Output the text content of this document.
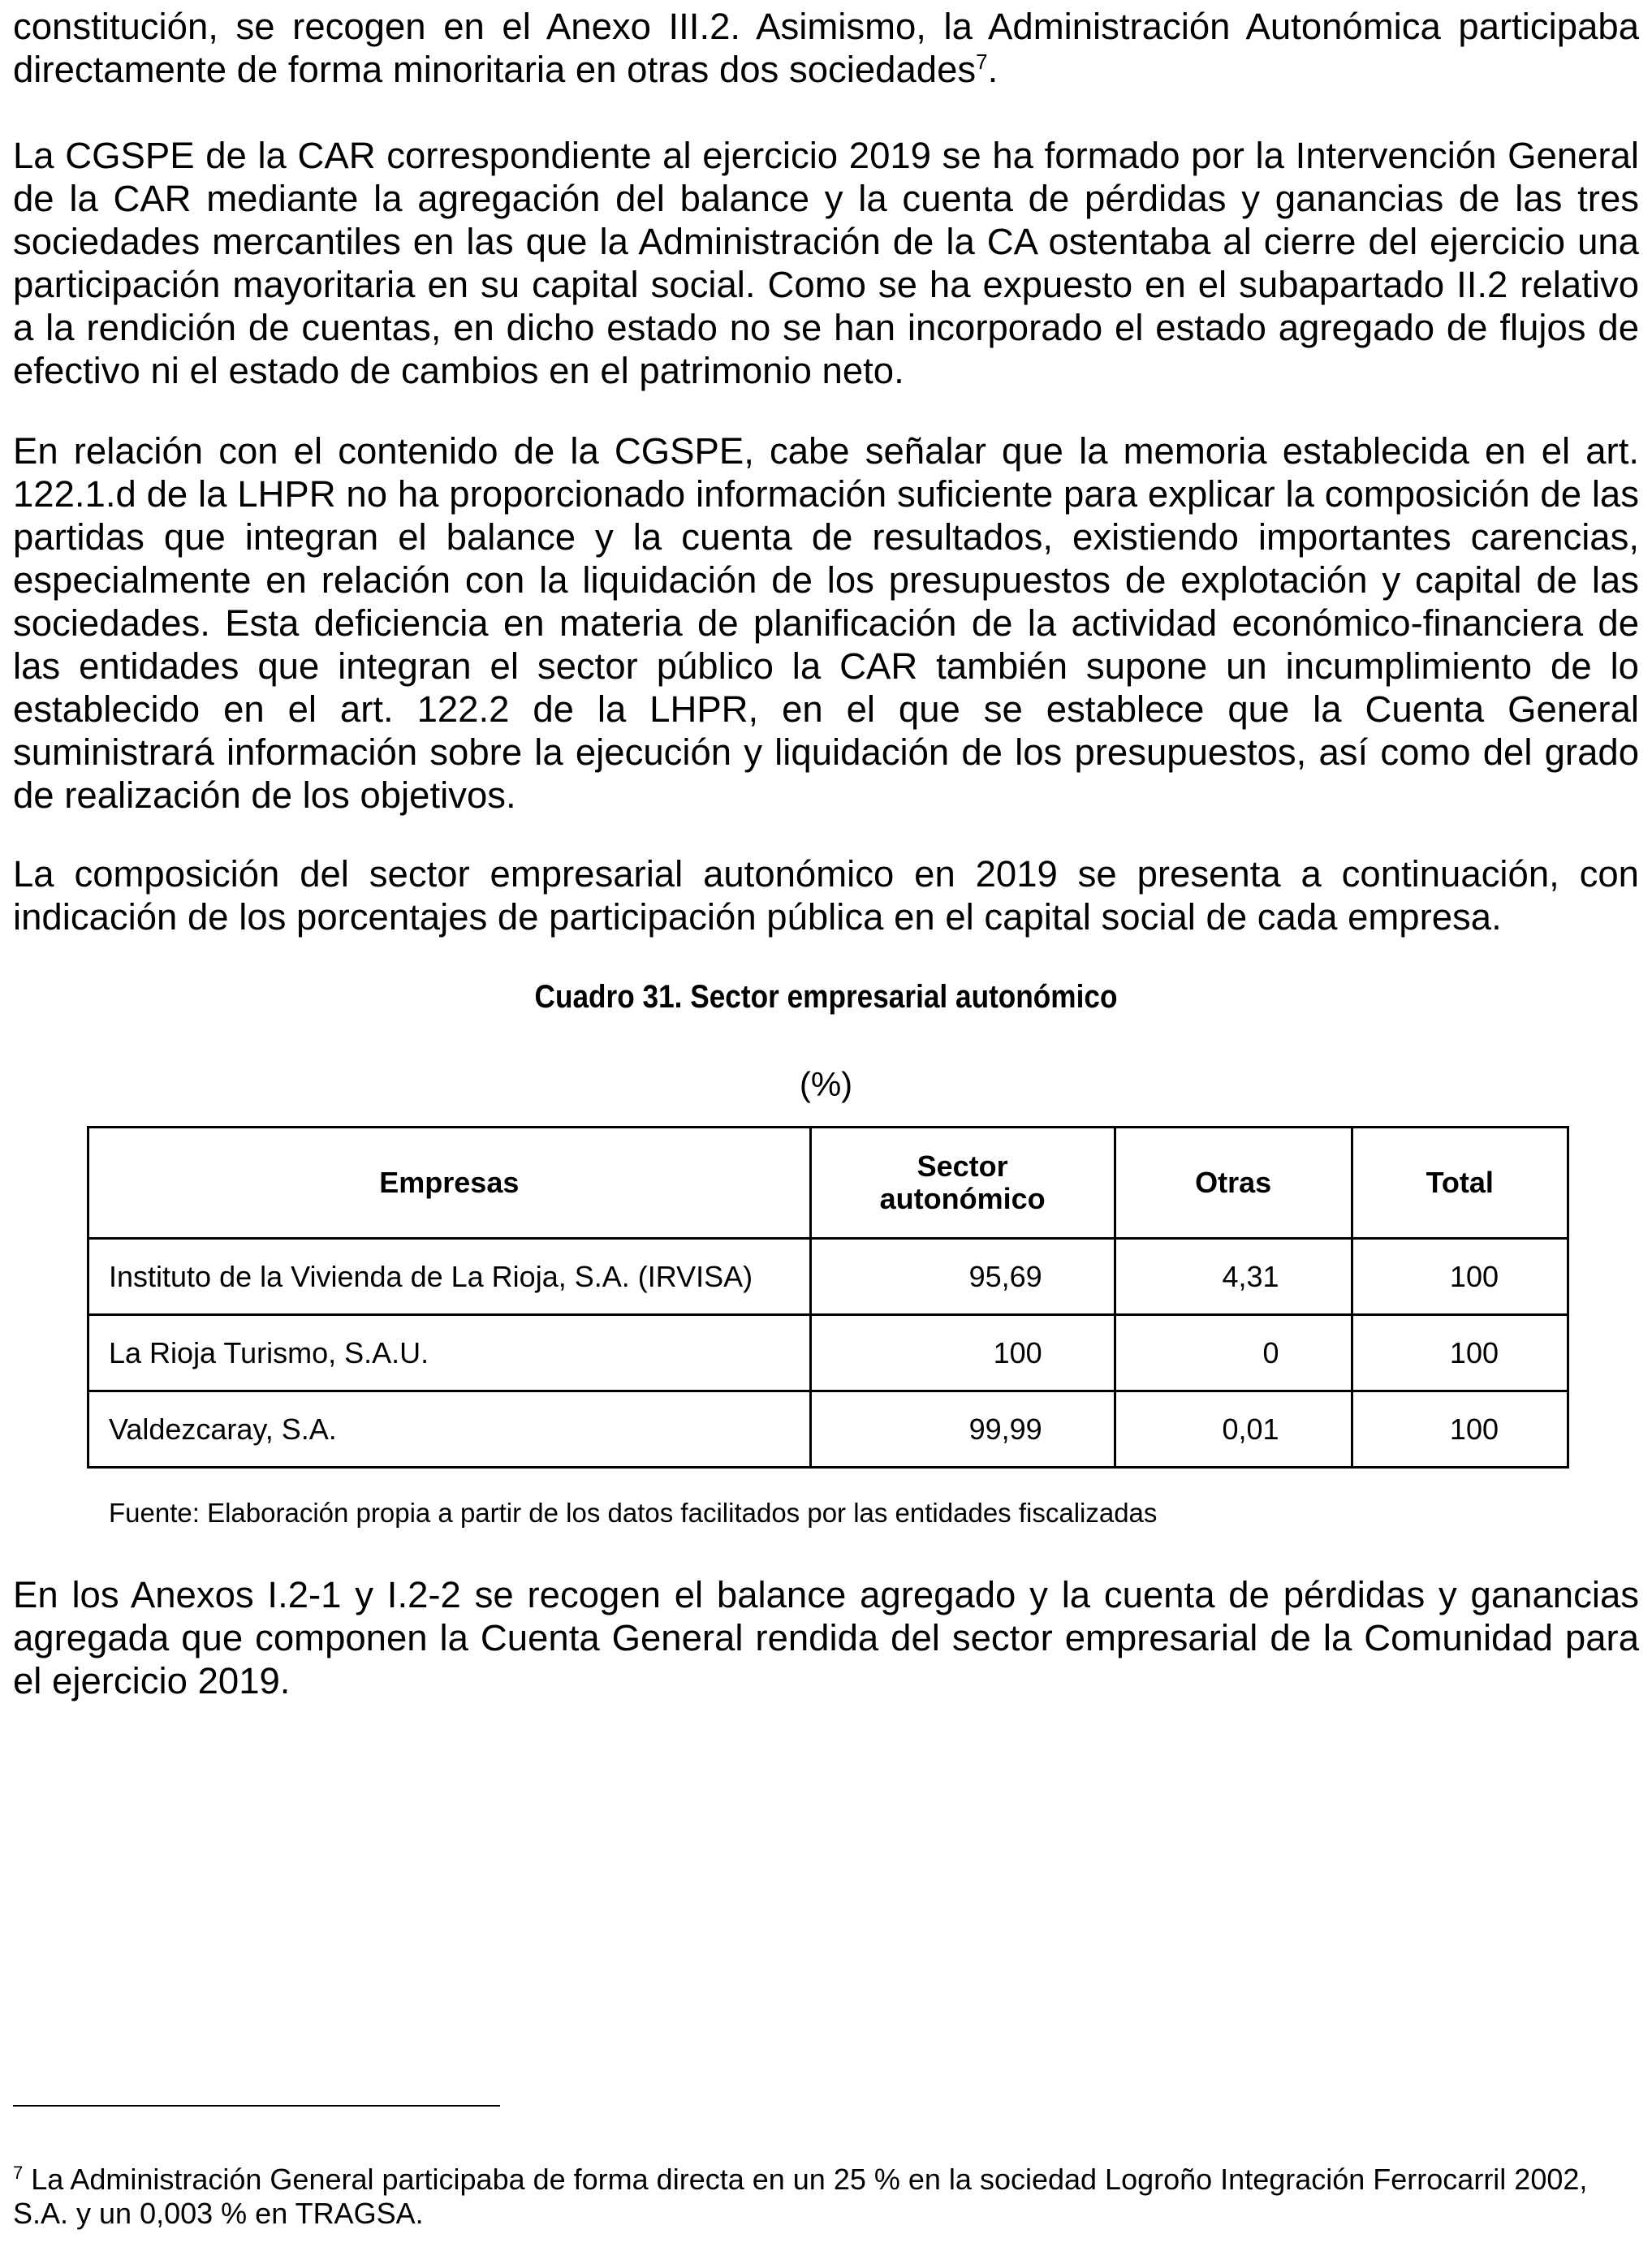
constitución, se recogen en el Anexo III.2. Asimismo, la Administración Autonómica participaba directamente de forma minoritaria en otras dos sociedades$^7$.

La CGSPE de la CAR correspondiente al ejercicio 2019 se ha formado por la Intervención General de la CAR mediante la agregación del balance y la cuenta de pérdidas y ganancias de las tres sociedades mercantiles en las que la Administración de la CA ostentaba al cierre del ejercicio una participación mayoritaria en su capital social. Como se ha expuesto en el subapartado II.2 relativo a la rendición de cuentas, en dicho estado no se han incorporado el estado agregado de flujos de efectivo ni el estado de cambios en el patrimonio neto.

En relación con el contenido de la CGSPE, cabe señalar que la memoria establecida en el art. 122.1.d de la LHPR no ha proporcionado información suficiente para explicar la composición de las partidas que integran el balance y la cuenta de resultados, existiendo importantes carencias, especialmente en relación con la liquidación de los presupuestos de explotación y capital de las sociedades. Esta deficiencia en materia de planificación de la actividad económico-financiera de las entidades que integran el sector público la CAR también supone un incumplimiento de lo establecido en el art. 122.2 de la LHPR, en el que se establece que la Cuenta General suministrará información sobre la ejecución y liquidación de los presupuestos, así como del grado de realización de los objetivos.

La composición del sector empresarial autonómico en 2019 se presenta a continuación, con indicación de los porcentajes de participación pública en el capital social de cada empresa.

Cuadro 31. Sector empresarial autonómico
(%)
Empresas	Sector autonómico	Otras	Total
Instituto de la Vivienda de La Rioja, S.A. (IRVISA)	95,69	4,31	100
La Rioja Turismo, S.A.U.	100	0	100
Valdezcaray, S.A.	99,99	0,01	100
Fuente: Elaboración propia a partir de los datos facilitados por las entidades fiscalizadas

En los Anexos I.2-1 y I.2-2 se recogen el balance agregado y la cuenta de pérdidas y ganancias agregada que componen la Cuenta General rendida del sector empresarial de la Comunidad para el ejercicio 2019.

$^7$ La Administración General participaba de forma directa en un 25 % en la sociedad Logroño Integración Ferrocarril 2002, S.A. y un 0,003 % en TRAGSA.
